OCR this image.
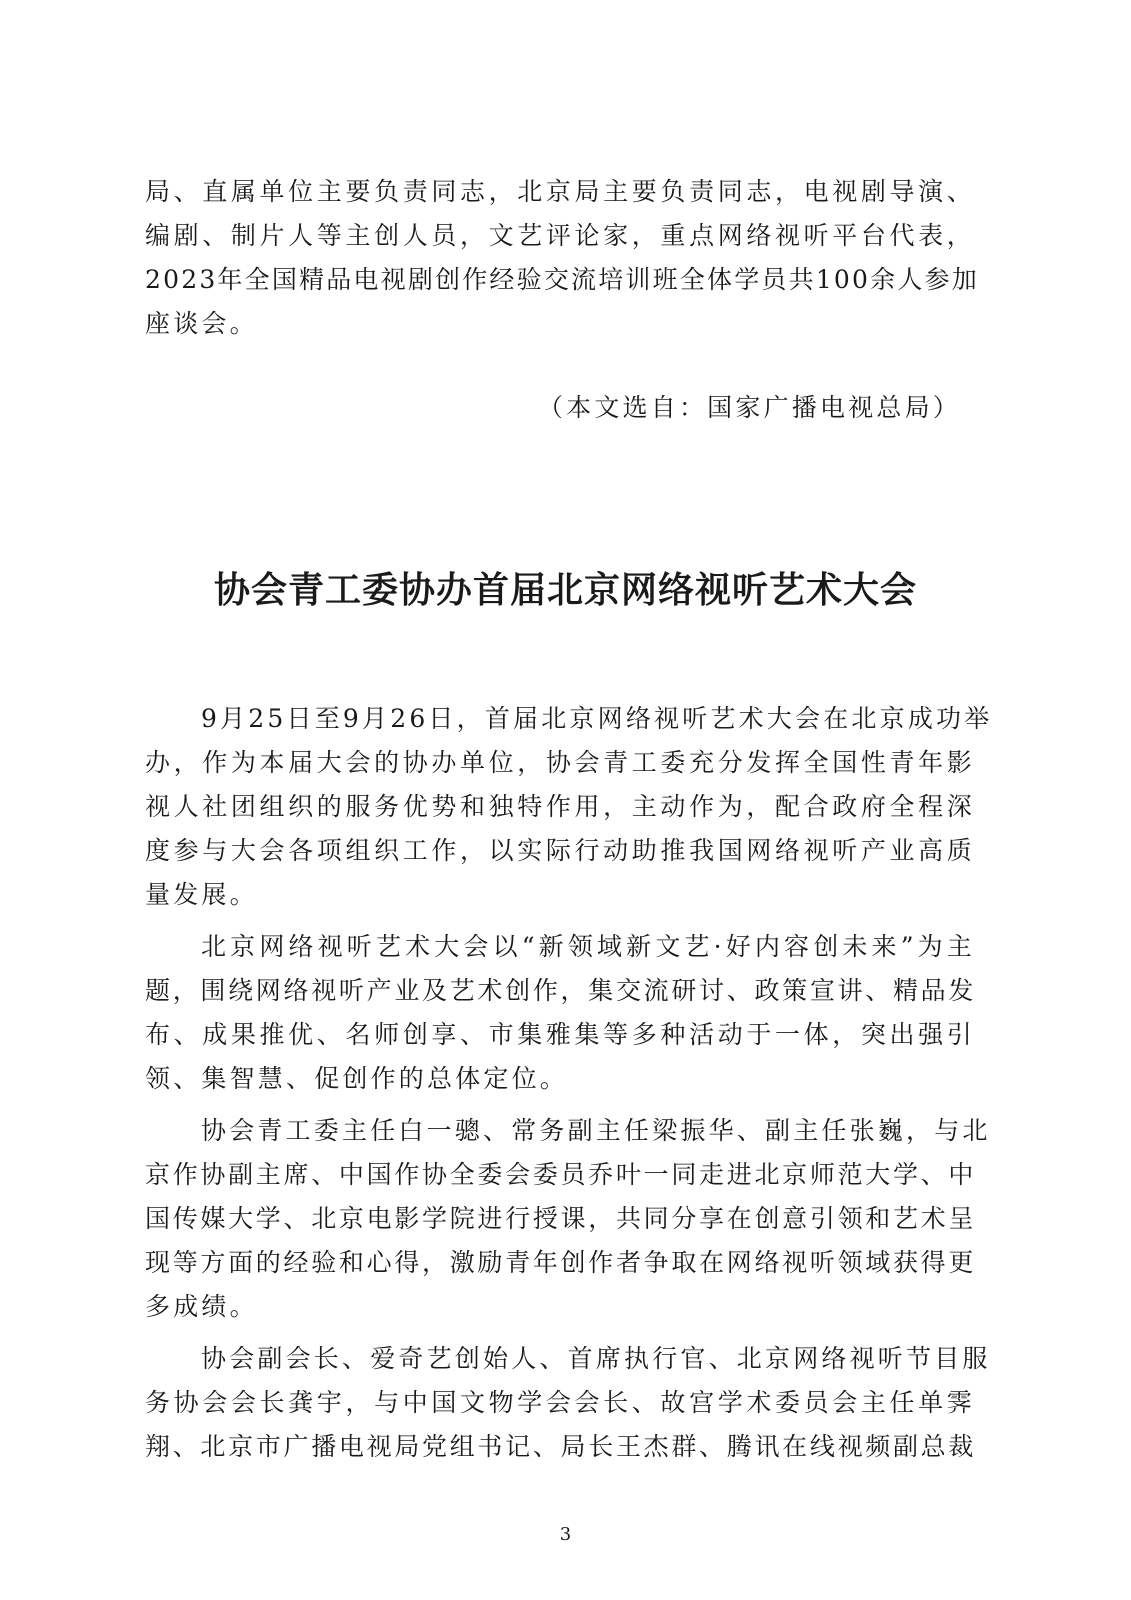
局、直属单位主要负责同志，北京局主要负责同志，电视剧导演、
编剧、制片人等主创人员，文艺评论家，重点网络视听平台代表，
2023年全国精品电视剧创作经验交流培训班全体学员共100余人参加
座谈会。
（本文选自：国家广播电视总局）
协会青工委协办首届北京网络视听艺术大会
9月25日至9月26日，首届北京网络视听艺术大会在北京成功举
办，作为本届大会的协办单位，协会青工委充分发挥全国性青年影
视人社团组织的服务优势和独特作用，主动作为，配合政府全程深
度参与大会各项组织工作，以实际行动助推我国网络视听产业高质
量发展。
北京网络视听艺术大会以“新领域新文艺·好内容创未来”为主
题，围绕网络视听产业及艺术创作，集交流研讨、政策宣讲、精品发
布、成果推优、名师创享、市集雅集等多种活动于一体，突出强引
领、集智慧、促创作的总体定位。
协会青工委主任白一骢、常务副主任梁振华、副主任张巍，与北
京作协副主席、中国作协全委会委员乔叶一同走进北京师范大学、中
国传媒大学、北京电影学院进行授课，共同分享在创意引领和艺术呈
现等方面的经验和心得，激励青年创作者争取在网络视听领域获得更
多成绩。
协会副会长、爱奇艺创始人、首席执行官、北京网络视听节目服
务协会会长龚宇，与中国文物学会会长、故宫学术委员会主任单霁
翔、北京市广播电视局党组书记、局长王杰群、腾讯在线视频副总裁
3
